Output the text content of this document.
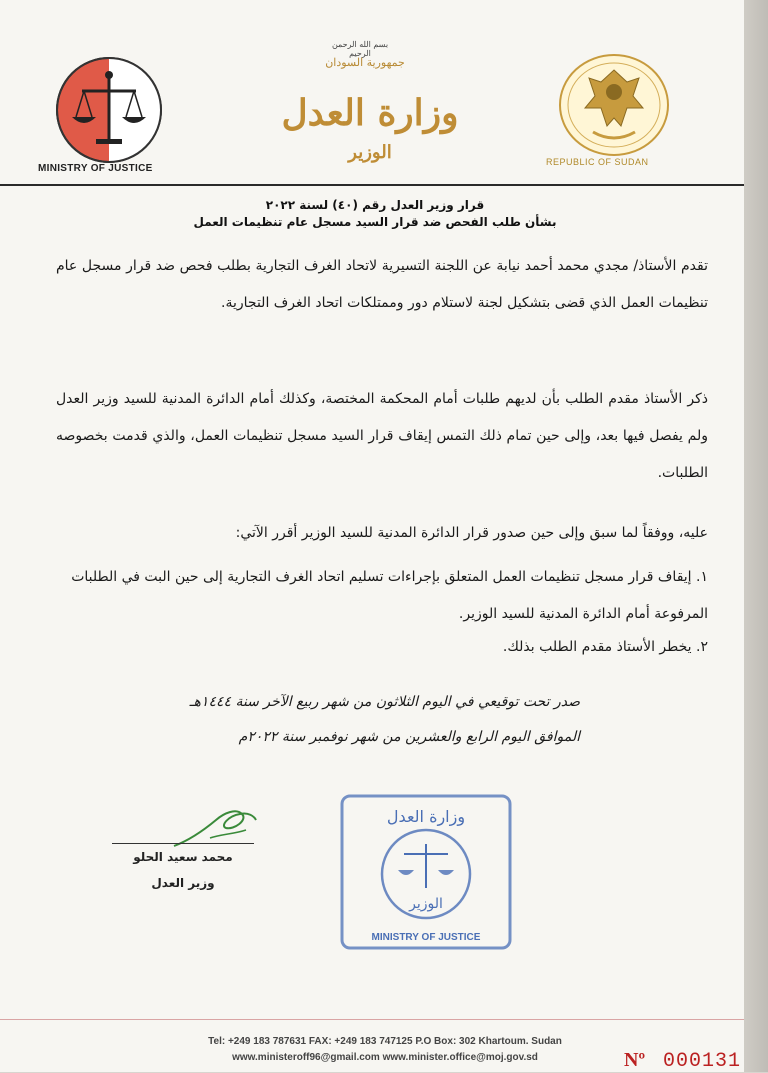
MINISTRY OF JUSTICE
بسم الله الرحمن الرحيم
جمهورية السودان
وزارة العدل
الوزير	REPUBLIC OF SUDAN
قرار وزير العدل رقم (٤٠) لسنة ٢٠٢٢
بشأن طلب الفحص ضد قرار السيد مسجل عام تنظيمات العمل
تقدم الأستاذ/ مجدي محمد أحمد نيابة عن اللجنة التسيرية لاتحاد الغرف التجارية بطلب فحص ضد قرار مسجل عام تنظيمات العمل الذي قضى بتشكيل لجنة لاستلام دور وممتلكات اتحاد الغرف التجارية.
ذكر الأستاذ مقدم الطلب بأن لديهم طلبات أمام المحكمة المختصة، وكذلك أمام الدائرة المدنية للسيد وزير العدل ولم يفصل فيها بعد، وإلى حين تمام ذلك التمس إيقاف قرار السيد مسجل تنظيمات العمل، والذي قدمت بخصوصه الطلبات.
عليه، ووفقاً لما سبق وإلى حين صدور قرار الدائرة المدنية للسيد الوزير أقرر الآتي:
١. إيقاف قرار مسجل تنظيمات العمل المتعلق بإجراءات تسليم اتحاد الغرف التجارية إلى حين البت في الطلبات المرفوعة أمام الدائرة المدنية للسيد الوزير.
٢. يخطر الأستاذ مقدم الطلب بذلك.
صدر تحت توقيعي في اليوم الثلاثون من شهر ربيع الآخر سنة ١٤٤٤هـ
الموافق اليوم الرابع والعشرين من شهر نوفمبر سنة ٢٠٢٢م
محمد سعيد الحلو
وزير العدل
وزارة العدل
الوزير
MINISTRY OF JUSTICE
Tel: +249 183 787631 FAX: +249 183 747125 P.O Box: 302 Khartoum. Sudan
www.ministeroff96@gmail.com www.minister.office@moj.gov.sd	Nº 000131
